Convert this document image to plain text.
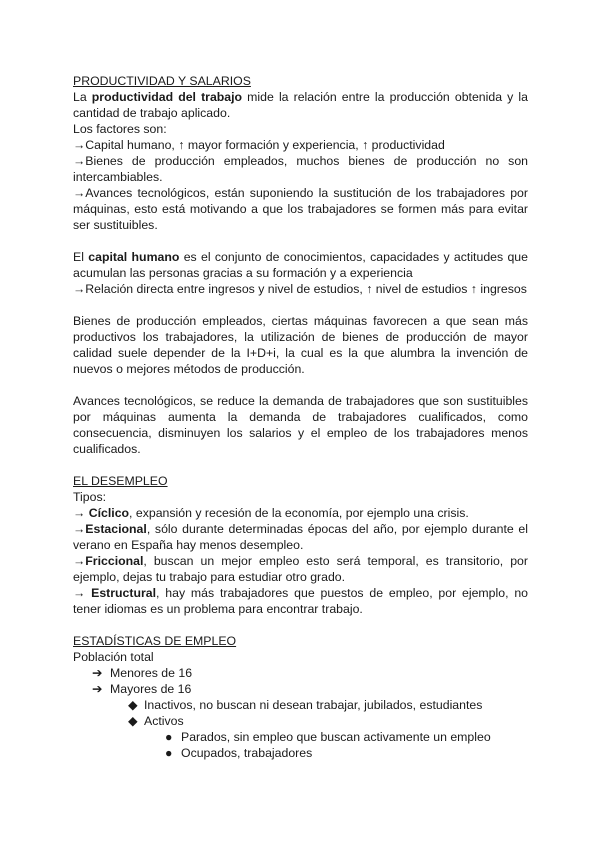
PRODUCTIVIDAD Y SALARIOS

La productividad del trabajo mide la relación entre la producción obtenida y la cantidad de trabajo aplicado.

Los factores son:

→Capital humano, ↑ mayor formación y experiencia, ↑ productividad

→Bienes de producción empleados, muchos bienes de producción no son intercambiables.

→Avances tecnológicos, están suponiendo la sustitución de los trabajadores por máquinas, esto está motivando a que los trabajadores se formen más para evitar ser sustituibles.

El capital humano es el conjunto de conocimientos, capacidades y actitudes que acumulan las personas gracias a su formación y a experiencia

→Relación directa entre ingresos y nivel de estudios, ↑ nivel de estudios ↑ ingresos

Bienes de producción empleados, ciertas máquinas favorecen a que sean más productivos los trabajadores, la utilización de bienes de producción de mayor calidad suele depender de la I+D+i, la cual es la que alumbra la invención de nuevos o mejores métodos de producción.

Avances tecnológicos, se reduce la demanda de trabajadores que son sustituibles por máquinas aumenta la demanda de trabajadores cualificados, como consecuencia, disminuyen los salarios y el empleo de los trabajadores menos cualificados.

EL DESEMPLEO

Tipos:

→ Cíclico, expansión y recesión de la economía, por ejemplo una crisis.

→Estacional, sólo durante determinadas épocas del año, por ejemplo durante el verano en España hay menos desempleo.

→Friccional, buscan un mejor empleo esto será temporal, es transitorio, por ejemplo, dejas tu trabajo para estudiar otro grado.

→ Estructural, hay más trabajadores que puestos de empleo, por ejemplo, no tener idiomas es un problema para encontrar trabajo.

ESTADÍSTICAS DE EMPLEO

Población total

➔ Menores de 16

➔ Mayores de 16

◆ Inactivos, no buscan ni desean trabajar, jubilados, estudiantes

◆ Activos

● Parados, sin empleo que buscan activamente un empleo

● Ocupados, trabajadores
